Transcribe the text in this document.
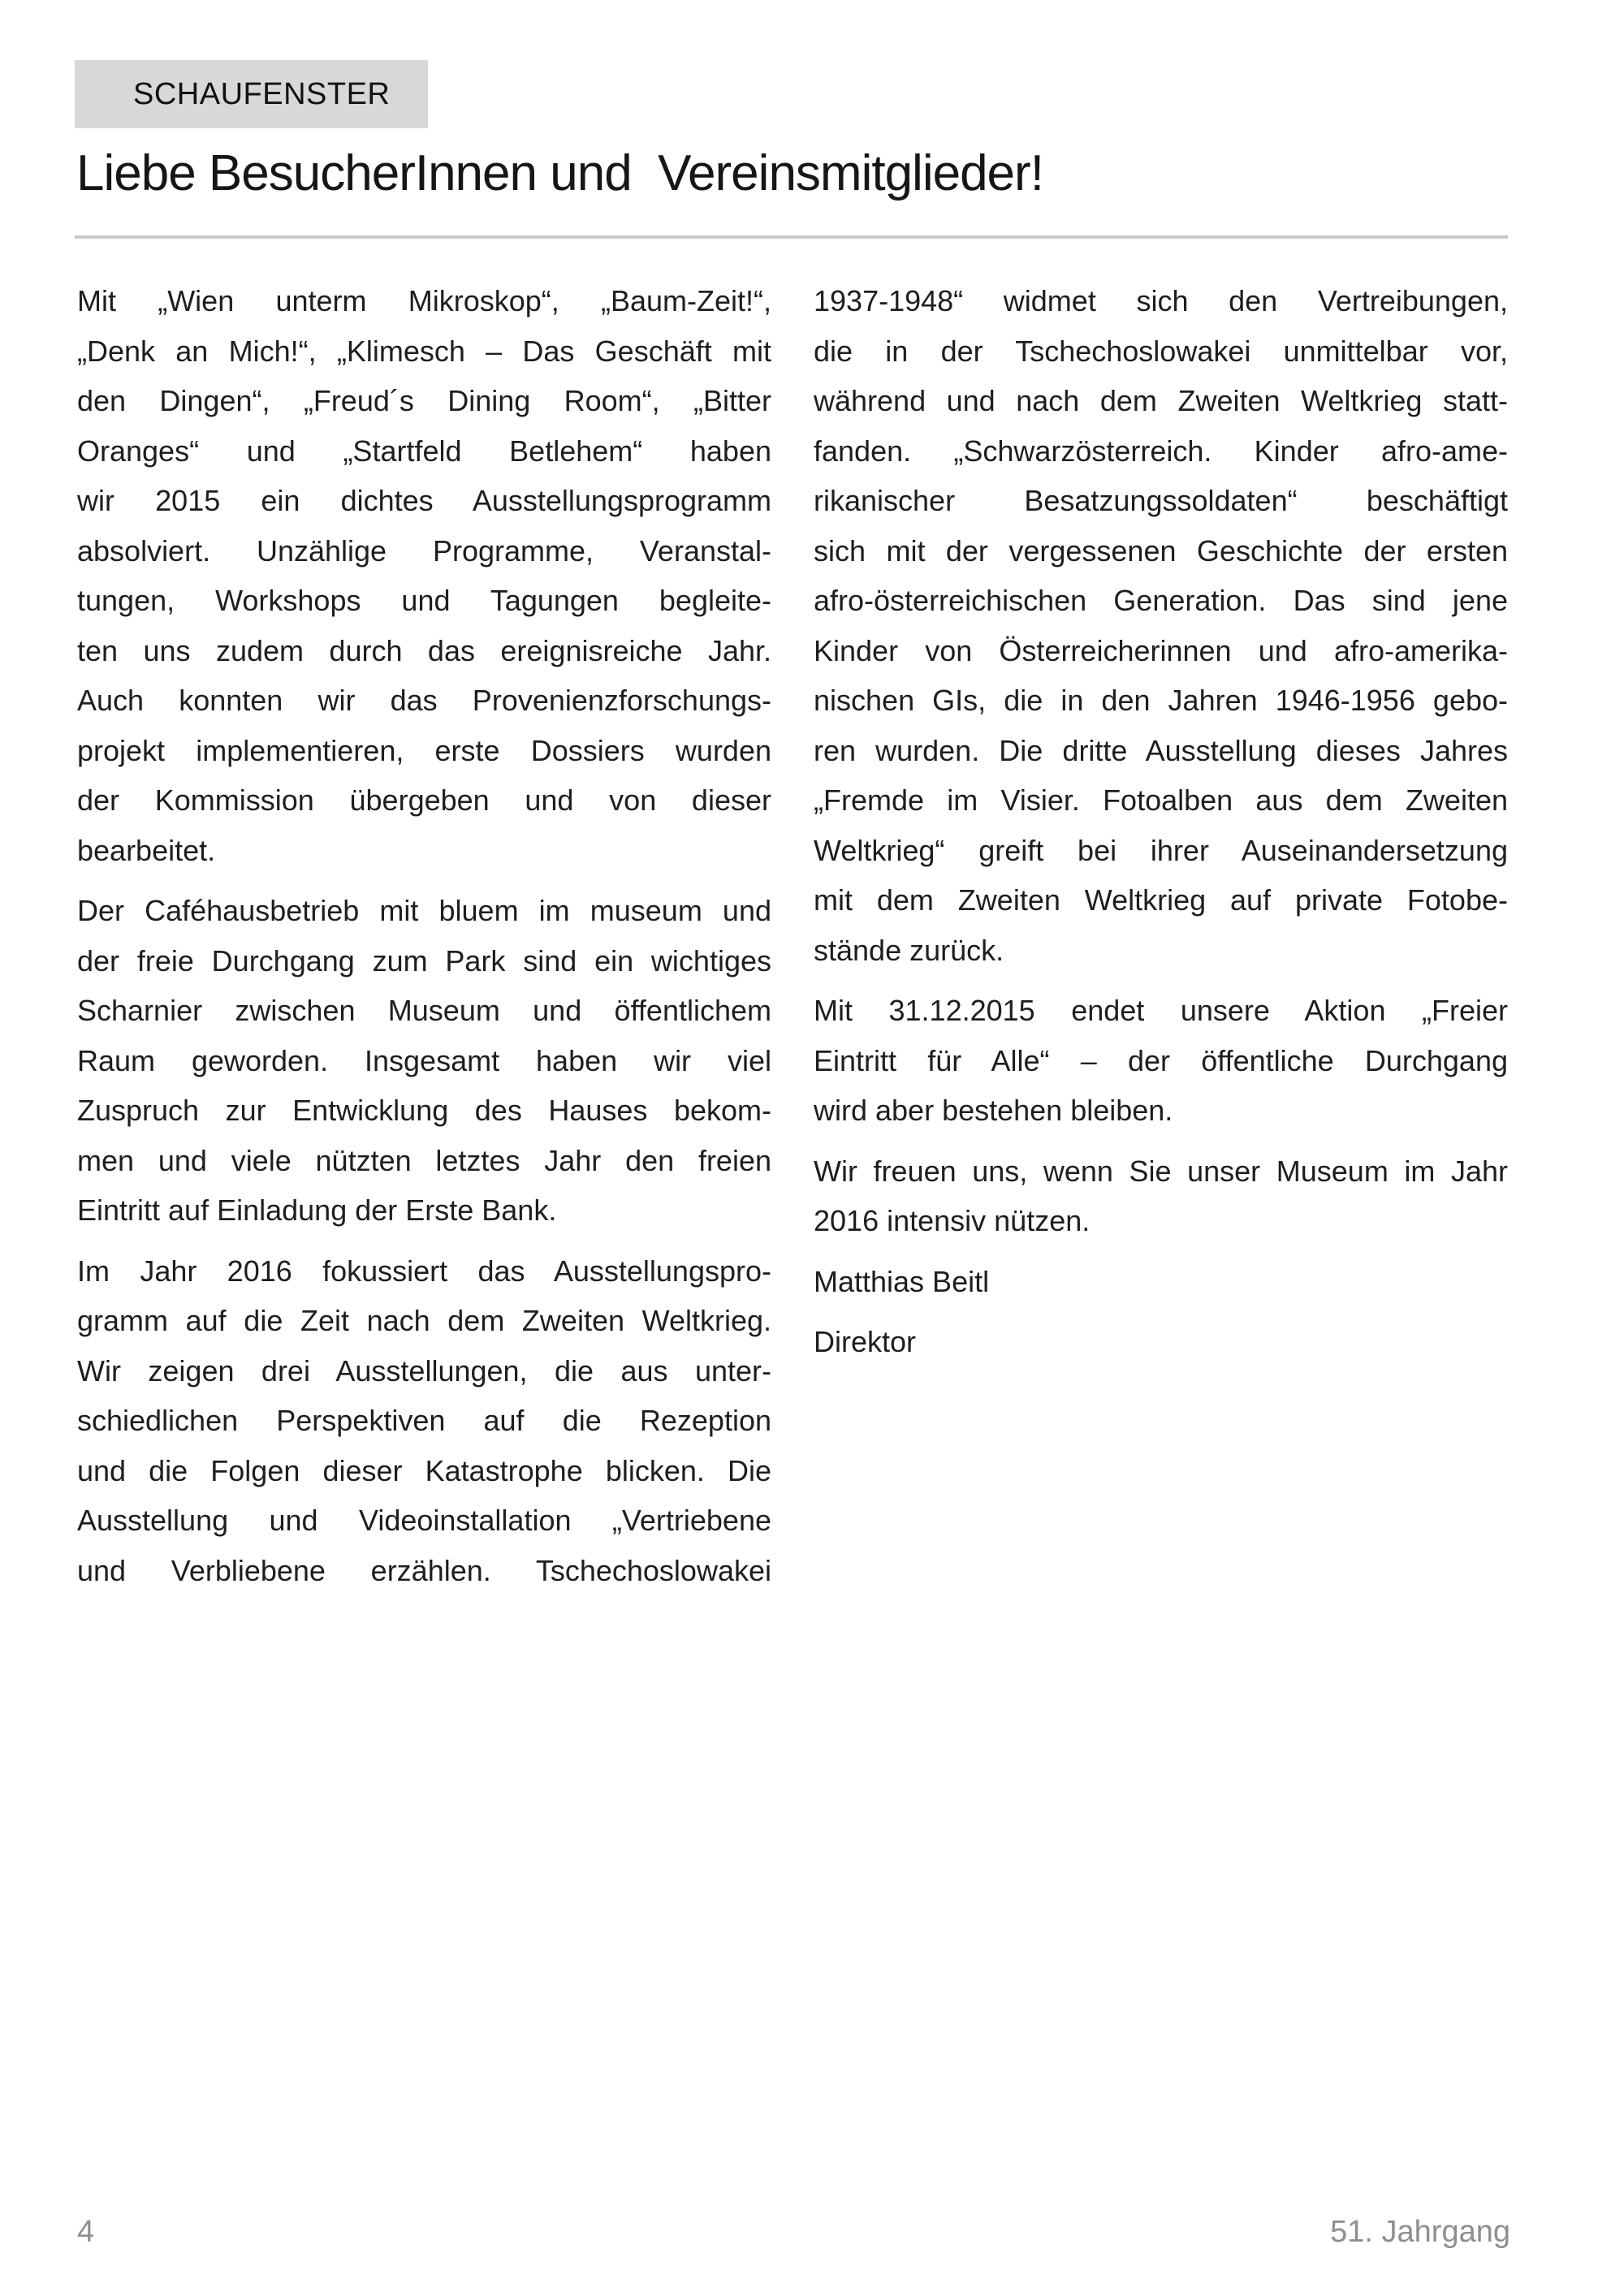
SCHAUFENSTER
Liebe BesucherInnen und  Vereinsmitglieder!
Mit „Wien unterm Mikroskop“, „Baum-Zeit!“,
„Denk an Mich!“, „Klimesch – Das Geschäft mit
den Dingen“, „Freud´s Dining Room“, „Bitter
Oranges“ und „Startfeld Betlehem“ haben
wir 2015 ein dichtes Ausstellungsprogramm
absolviert. Unzählige Programme, Veranstal-
tungen, Workshops und Tagungen begleite-
ten uns zudem durch das ereignisreiche Jahr.
Auch konnten wir das Provenienzforschungs-
projekt implementieren, erste Dossiers wurden
der Kommission übergeben und von dieser
bearbeitet.
Der Caféhausbetrieb mit bluem im museum und
der freie Durchgang zum Park sind ein wichtiges
Scharnier zwischen Museum und öffentlichem
Raum geworden. Insgesamt haben wir viel
Zuspruch zur Entwicklung des Hauses bekom-
men und viele nützten letztes Jahr den freien
Eintritt auf Einladung der Erste Bank.
Im Jahr 2016 fokussiert das Ausstellungspro-
gramm auf die Zeit nach dem Zweiten Weltkrieg.
Wir zeigen drei Ausstellungen, die aus unter-
schiedlichen Perspektiven auf die Rezeption
und die Folgen dieser Katastrophe blicken. Die
Ausstellung und Videoinstallation „Vertriebene
und Verbliebene erzählen. Tschechoslowakei
1937-1948“ widmet sich den Vertreibungen,
die in der Tschechoslowakei unmittelbar vor,
während und nach dem Zweiten Weltkrieg statt-
fanden. „Schwarzösterreich. Kinder afro-ame-
rikanischer Besatzungssoldaten“ beschäftigt
sich mit der vergessenen Geschichte der ersten
afro-österreichischen Generation. Das sind jene
Kinder von Österreicherinnen und afro-amerika-
nischen GIs, die in den Jahren 1946-1956 gebo-
ren wurden. Die dritte Ausstellung dieses Jahres
„Fremde im Visier. Fotoalben aus dem Zweiten
Weltkrieg“ greift bei ihrer Auseinandersetzung
mit dem Zweiten Weltkrieg auf private Fotobe-
stände zurück.
Mit 31.12.2015 endet unsere Aktion „Freier
Eintritt für Alle“ – der öffentliche Durchgang
wird aber bestehen bleiben.
Wir freuen uns, wenn Sie unser Museum im Jahr
2016 intensiv nützen.
Matthias Beitl
Direktor
4	51. Jahrgang
